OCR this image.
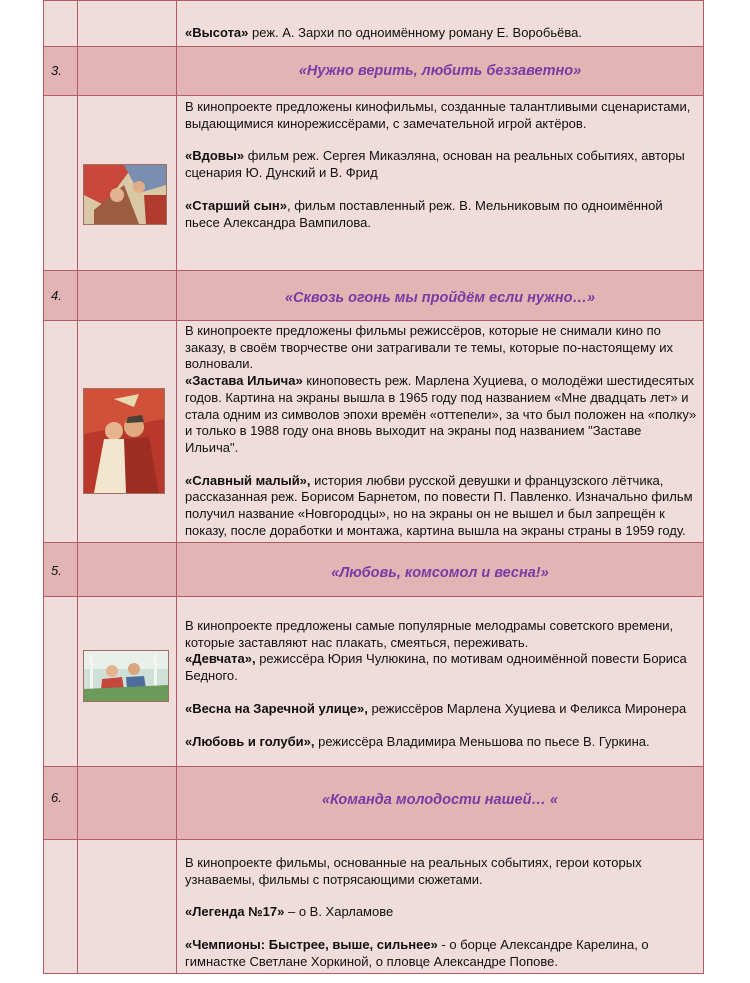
«Высота» реж. А. Зархи по одноимённому роману Е. Воробьёва.

3.	«Нужно верить, любить беззаветно»

В кинопроекте предложены кинофильмы, созданные талантливыми сценаристами, выдающимися кинорежиссёрами, с замечательной игрой актёров.

«Вдовы» фильм реж. Сергея Микаэляна, основан на реальных событиях, авторы сценария Ю. Дунский и В. Фрид

«Старший сын», фильм поставленный реж. В. Мельниковым по одноимённой пьесе Александра Вампилова.

4.	«Сквозь огонь мы пройдём если нужно…»

В кинопроекте предложены фильмы режиссёров, которые не снимали кино по заказу, в своём творчестве они затрагивали те темы, которые по-настоящему их волновали.

«Застава Ильича» киноповесть реж. Марлена Хуциева, о молодёжи шестидесятых годов. Картина на экраны вышла в 1965 году под названием «Мне двадцать лет» и стала одним из символов эпохи времён «оттепели», за что был положен на «полку» и только в 1988 году она вновь выходит на экраны под названием "Заставе Ильича".

«Славный малый», история любви русской девушки и французского лётчика, рассказанная реж. Борисом Барнетом, по повести П. Павленко. Изначально фильм получил название «Новгородцы», но на экраны он не вышел и был запрещён к показу, после доработки и монтажа, картина вышла на экраны страны в 1959 году.

5.	«Любовь, комсомол и весна!»

В кинопроекте предложены самые популярные мелодрамы советского времени, которые заставляют нас плакать, смеяться, переживать.

«Девчата», режиссёра Юрия Чулюкина, по мотивам одноимённой повести Бориса Бедного.

«Весна на Заречной улице», режиссёров Марлена Хуциева и Феликса Миронера

«Любовь и голуби», режиссёра Владимира Меньшова по пьесе В. Гуркина.

6.	«Команда молодости нашей… «

В кинопроекте фильмы, основанные на реальных событиях, герои которых узнаваемы, фильмы с потрясающими сюжетами.

«Легенда №17» – о В. Харламове

«Чемпионы: Быстрее, выше, сильнее» - о борце Александре Карелина, о гимнастке Светлане Хоркиной, о пловце Александре Попове.
